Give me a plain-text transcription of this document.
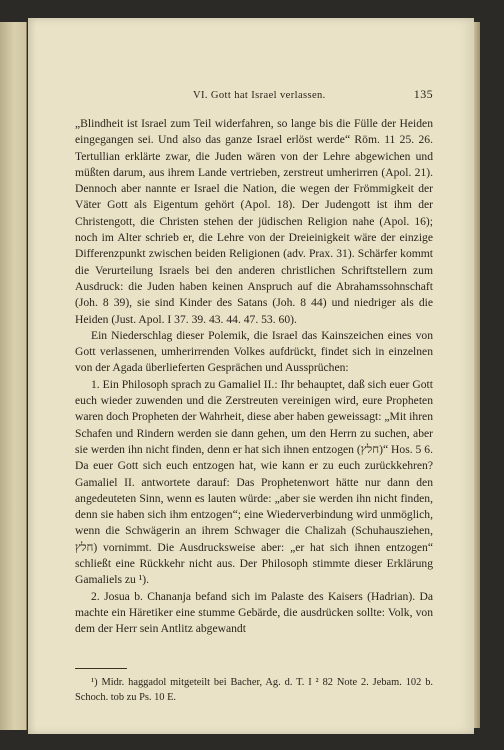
VI. Gott hat Israel verlassen.	135

„Blindheit ist Israel zum Teil widerfahren, so lange bis die Fülle der Heiden eingegangen sei. Und also das ganze Israel erlöst werde“ Röm. 11 25. 26. Tertullian erklärte zwar, die Juden wären von der Lehre abgewichen und müßten darum, aus ihrem Lande vertrieben, zerstreut umherirren (Apol. 21). Dennoch aber nannte er Israel die Nation, die wegen der Frömmigkeit der Väter Gott als Eigentum gehört (Apol. 18). Der Judengott ist ihm der Christengott, die Christen stehen der jüdischen Religion nahe (Apol. 16); noch im Alter schrieb er, die Lehre von der Dreieinigkeit wäre der einzige Differenzpunkt zwischen beiden Religionen (adv. Prax. 31). Schärfer kommt die Verurteilung Israels bei den anderen christlichen Schriftstellern zum Ausdruck: die Juden haben keinen Anspruch auf die Abrahamssohnschaft (Joh. 8 39), sie sind Kinder des Satans (Joh. 8 44) und niedriger als die Heiden (Just. Apol. I 37. 39. 43. 44. 47. 53. 60).

Ein Niederschlag dieser Polemik, die Israel das Kainszeichen eines von Gott verlassenen, umherirrenden Volkes aufdrückt, findet sich in einzelnen von der Agada überlieferten Gesprächen und Aussprüchen:

1. Ein Philosoph sprach zu Gamaliel II.: Ihr behauptet, daß sich euer Gott euch wieder zuwenden und die Zerstreuten vereinigen wird, eure Propheten waren doch Propheten der Wahrheit, diese aber haben geweissagt: „Mit ihren Schafen und Rindern werden sie dann gehen, um den Herrn zu suchen, aber sie werden ihn nicht finden, denn er hat sich ihnen entzogen (חלץ)“ Hos. 5 6. Da euer Gott sich euch entzogen hat, wie kann er zu euch zurückkehren? Gamaliel II. antwortete darauf: Das Prophetenwort hätte nur dann den angedeuteten Sinn, wenn es lauten würde: „aber sie werden ihn nicht finden, denn sie haben sich ihm entzogen“; eine Wiederverbindung wird unmöglich, wenn die Schwägerin an ihrem Schwager die Chalizah (Schuhausziehen, חלץ) vornimmt. Die Ausdrucksweise aber: „er hat sich ihnen entzogen“ schließt eine Rückkehr nicht aus. Der Philosoph stimmte dieser Erklärung Gamaliels zu ¹).

2. Josua b. Chananja befand sich im Palaste des Kaisers (Hadrian). Da machte ein Häretiker eine stumme Gebärde, die ausdrücken sollte: Volk, von dem der Herr sein Antlitz abgewandt

¹) Midr. haggadol mitgeteilt bei Bacher, Ag. d. T. I ² 82 Note 2. Jebam. 102 b. Schoch. tob zu Ps. 10 E.
